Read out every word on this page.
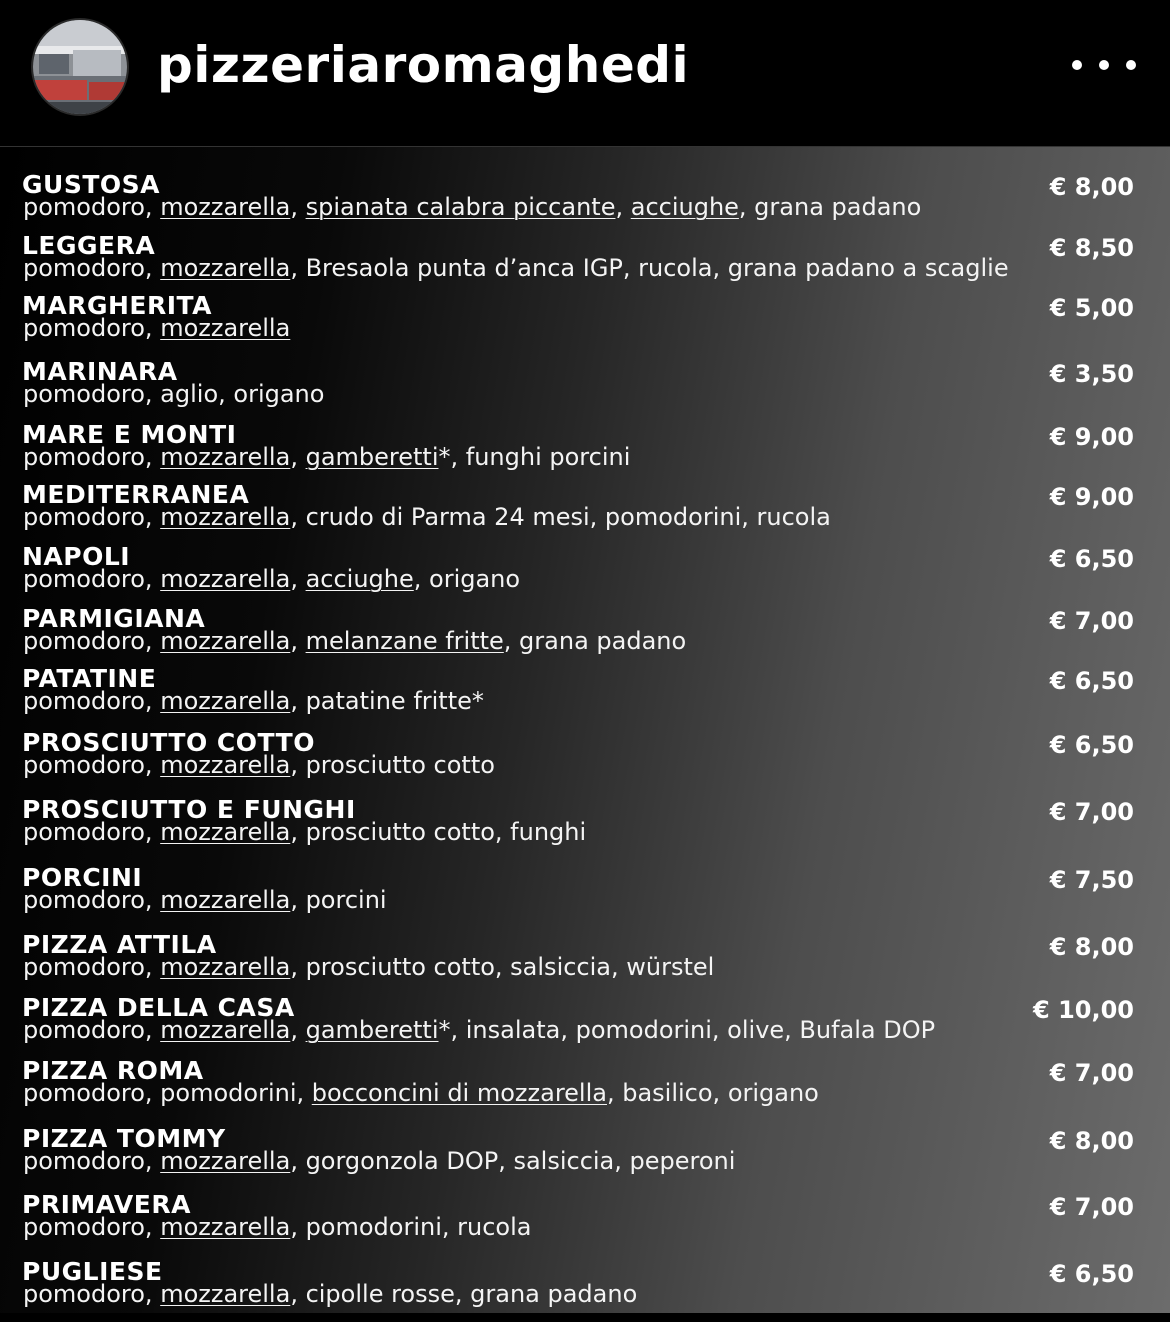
pizzeriaromaghedi
GUSTOSA
pomodoro, mozzarella, spianata calabra piccante, acciughe, grana padano
€ 8,00
LEGGERA
pomodoro, mozzarella, Bresaola punta d’anca IGP, rucola, grana padano a scaglie
€ 8,50
MARGHERITA
pomodoro, mozzarella
€ 5,00
MARINARA
pomodoro, aglio, origano
€ 3,50
MARE E MONTI
pomodoro, mozzarella, gamberetti*, funghi porcini
€ 9,00
MEDITERRANEA
pomodoro, mozzarella, crudo di Parma 24 mesi, pomodorini, rucola
€ 9,00
NAPOLI
pomodoro, mozzarella, acciughe, origano
€ 6,50
PARMIGIANA
pomodoro, mozzarella, melanzane fritte, grana padano
€ 7,00
PATATINE
pomodoro, mozzarella, patatine fritte*
€ 6,50
PROSCIUTTO COTTO
pomodoro, mozzarella, prosciutto cotto
€ 6,50
PROSCIUTTO E FUNGHI
pomodoro, mozzarella, prosciutto cotto, funghi
€ 7,00
PORCINI
pomodoro, mozzarella, porcini
€ 7,50
PIZZA ATTILA
pomodoro, mozzarella, prosciutto cotto, salsiccia, würstel
€ 8,00
PIZZA DELLA CASA
pomodoro, mozzarella, gamberetti*, insalata, pomodorini, olive, Bufala DOP
€ 10,00
PIZZA ROMA
pomodoro, pomodorini, bocconcini di mozzarella, basilico, origano
€ 7,00
PIZZA TOMMY
pomodoro, mozzarella, gorgonzola DOP, salsiccia, peperoni
€ 8,00
PRIMAVERA
pomodoro, mozzarella, pomodorini, rucola
€ 7,00
PUGLIESE
pomodoro, mozzarella, cipolle rosse, grana padano
€ 6,50
